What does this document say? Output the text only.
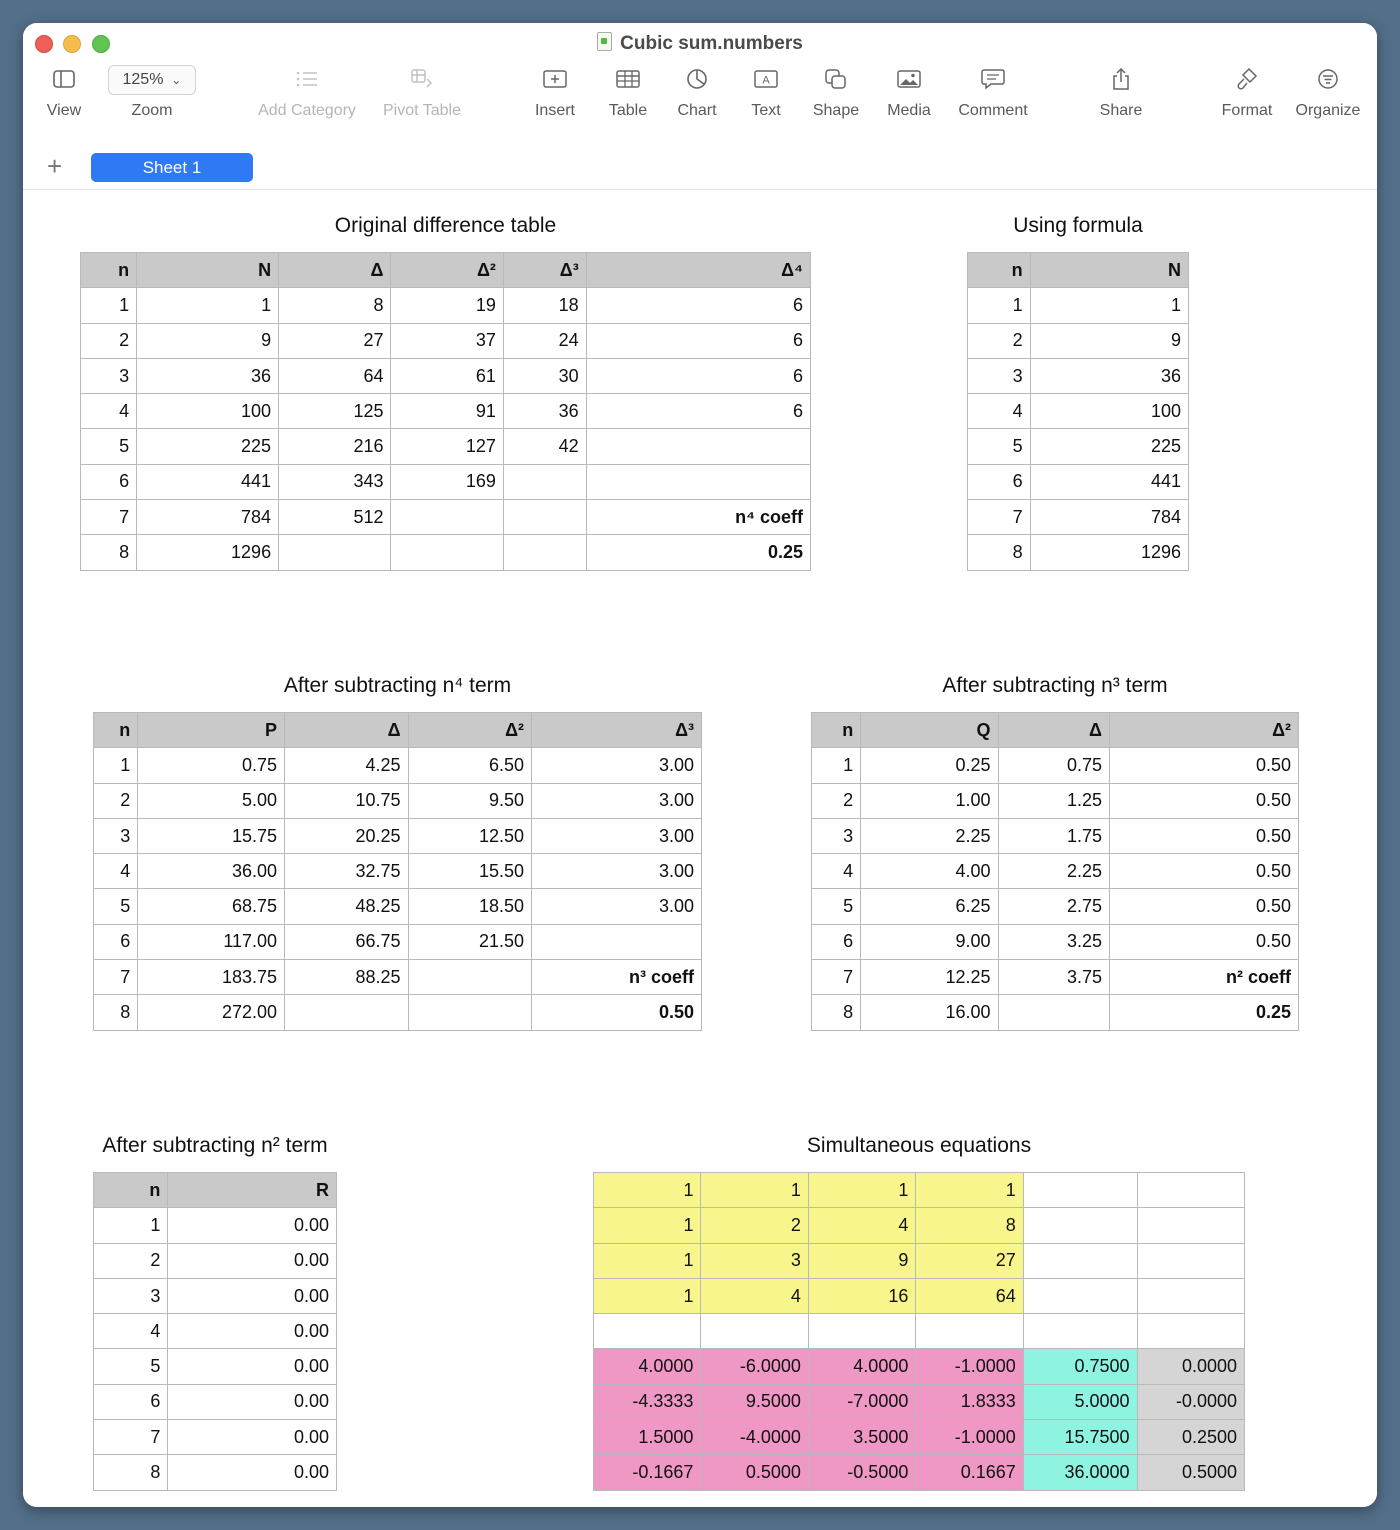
Cubic sum.numbers
View
125% ⌄
Zoom	Add Category Pivot Table	Insert	Table	Chart
A
Text	Shape Media Comment	Share	Format Organize
+	Sheet 1
Original difference table
n	N	Δ	Δ²	Δ³	Δ⁴
1	1	8	19	18	6
2	9	27	37	24	6
3	36	64	61	30	6
4	100	125	91	36	6
5	225	216	127	42	
6	441	343	169		
7	784	512			n⁴ coeff
8	1296				0.25
Using formula
n	N
1	1
2	9
3	36
4	100
5	225
6	441
7	784
8	1296
After subtracting n⁴ term
n	P	Δ	Δ²	Δ³
1	0.75	4.25	6.50	3.00
2	5.00	10.75	9.50	3.00
3	15.75	20.25	12.50	3.00
4	36.00	32.75	15.50	3.00
5	68.75	48.25	18.50	3.00
6	117.00	66.75	21.50	
7	183.75	88.25		n³ coeff
8	272.00			0.50
After subtracting n³ term
n	Q	Δ	Δ²
1	0.25	0.75	0.50
2	1.00	1.25	0.50
3	2.25	1.75	0.50
4	4.00	2.25	0.50
5	6.25	2.75	0.50
6	9.00	3.25	0.50
7	12.25	3.75	n² coeff
8	16.00		0.25
After subtracting n² term
n	R
1	0.00
2	0.00
3	0.00
4	0.00
5	0.00
6	0.00
7	0.00
8	0.00
Simultaneous equations
1	1	1	1		
1	2	4	8		
1	3	9	27		
1	4	16	64		

4.0000	-6.0000	4.0000	-1.0000	0.7500	0.0000
-4.3333	9.5000	-7.0000	1.8333	5.0000	-0.0000
1.5000	-4.0000	3.5000	-1.0000	15.7500	0.2500
-0.1667	0.5000	-0.5000	0.1667	36.0000	0.5000
